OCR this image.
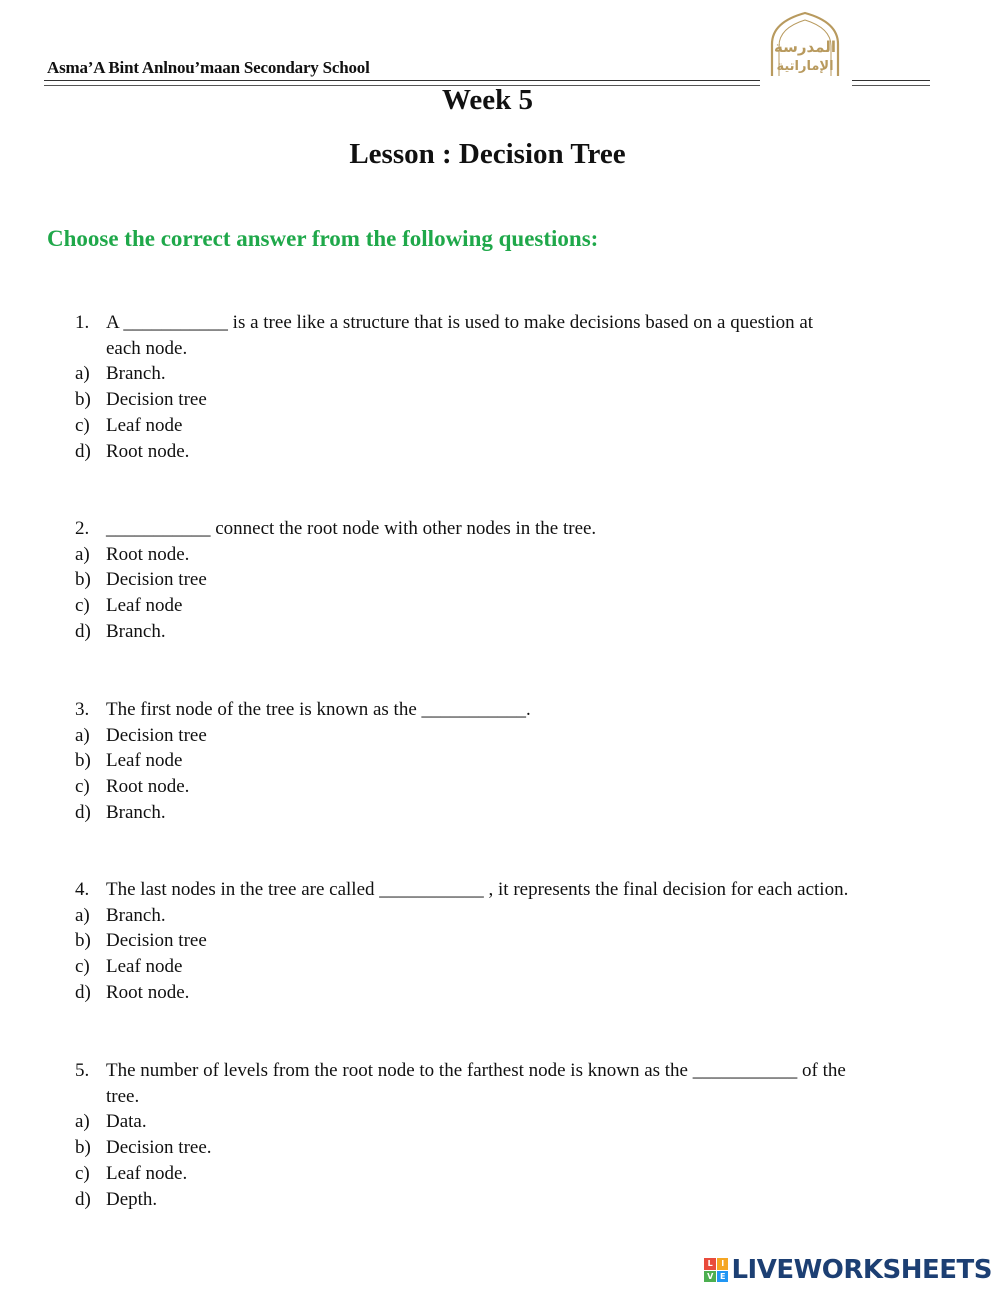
Asma’A Bint Anlnou’maan Secondary School
المدرسة
الإماراتية
Week 5
Lesson : Decision Tree
Choose the correct answer from the following questions:
1. A ___________ is a tree like a structure that is used to make decisions based on a question at
each node.
a) Branch.
b) Decision tree
c) Leaf node
d) Root node.
2. ___________ connect the root node with other nodes in the tree.
a) Root node.
b) Decision tree
c) Leaf node
d) Branch.
3. The first node of the tree is known as the ___________.
a) Decision tree
b) Leaf node
c) Root node.
d) Branch.
4. The last nodes in the tree are called ___________ , it represents the final decision for each action.
a) Branch.
b) Decision tree
c) Leaf node
d) Root node.
5. The number of levels from the root node to the farthest node is known as the ___________ of the
tree.
a) Data.
b) Decision tree.
c) Leaf node.
d) Depth.
L	I
V E LIVEWORKSHEETS
